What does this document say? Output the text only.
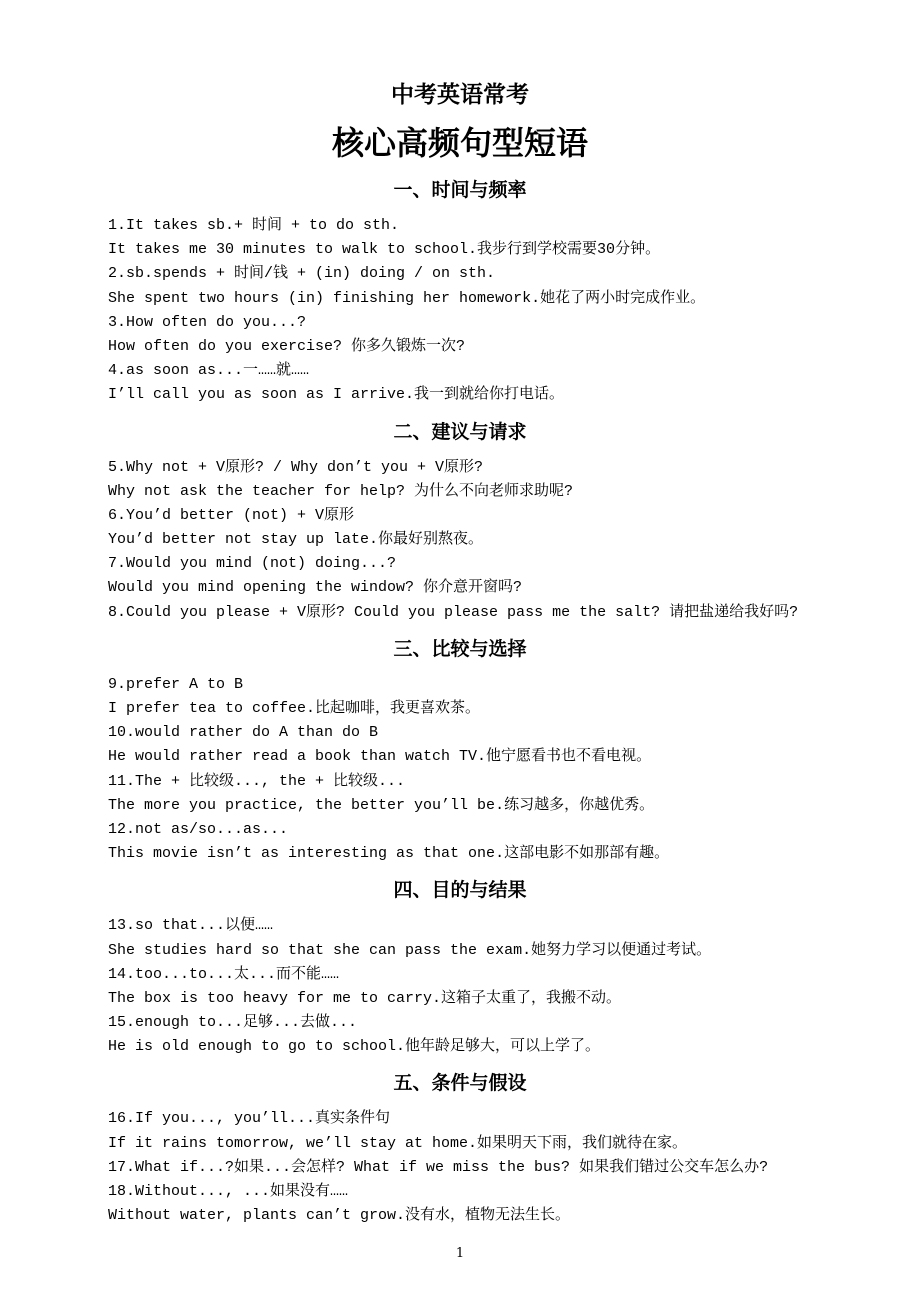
中考英语常考
核心高频句型短语
一、时间与频率
1.It takes sb.+ 时间 + to do sth.
It takes me 30 minutes to walk to school.我步行到学校需要30分钟。
2.sb.spends + 时间/钱 + (in) doing / on sth.
She spent two hours (in) finishing her homework.她花了两小时完成作业。
3.How often do you...?
How often do you exercise? 你多久锻炼一次?
4.as soon as...一……就……
I’ll call you as soon as I arrive.我一到就给你打电话。
二、建议与请求
5.Why not + V原形? / Why don’t you + V原形?
Why not ask the teacher for help? 为什么不向老师求助呢?
6.You’d better (not) + V原形
You’d better not stay up late.你最好别熬夜。
7.Would you mind (not) doing...?
Would you mind opening the window? 你介意开窗吗?
8.Could you please + V原形? Could you please pass me the salt? 请把盐递给我好吗?
三、比较与选择
9.prefer A to B
I prefer tea to coffee.比起咖啡，我更喜欢茶。
10.would rather do A than do B
He would rather read a book than watch TV.他宁愿看书也不看电视。
11.The + 比较级..., the + 比较级...
The more you practice, the better you’ll be.练习越多，你越优秀。
12.not as/so...as...
This movie isn’t as interesting as that one.这部电影不如那部有趣。
四、目的与结果
13.so that...以便……
She studies hard so that she can pass the exam.她努力学习以便通过考试。
14.too...to...太...而不能……
The box is too heavy for me to carry.这箱子太重了，我搬不动。
15.enough to...足够...去做...
He is old enough to go to school.他年龄足够大，可以上学了。
五、条件与假设
16.If you..., you’ll...真实条件句
If it rains tomorrow, we’ll stay at home.如果明天下雨，我们就待在家。
17.What if...?如果...会怎样? What if we miss the bus? 如果我们错过公交车怎么办?
18.Without..., ...如果没有……
Without water, plants can’t grow.没有水，植物无法生长。
1
